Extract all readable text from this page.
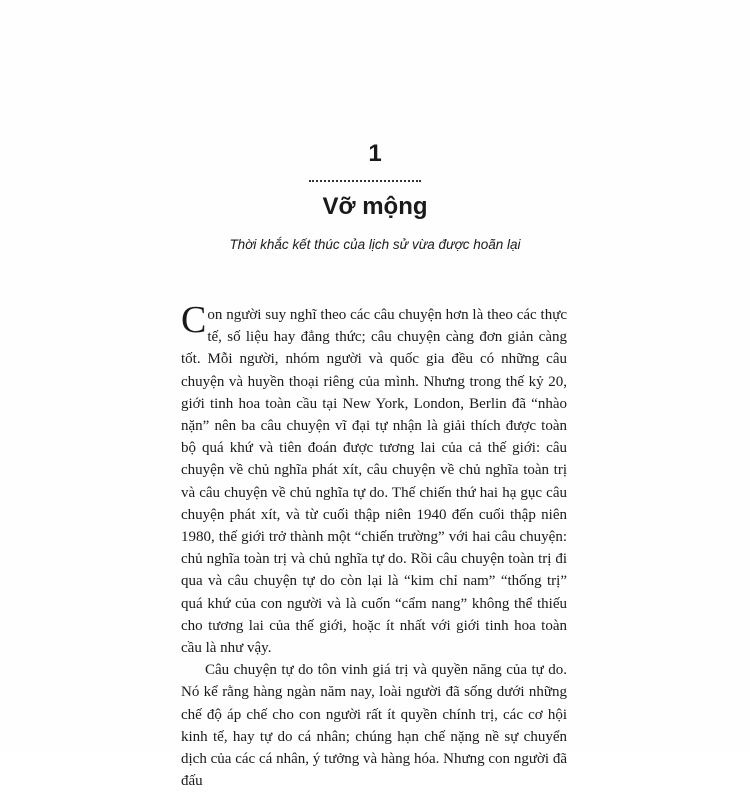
1
Vỡ mộng
Thời khắc kết thúc của lịch sử vừa được hoãn lại

Con người suy nghĩ theo các câu chuyện hơn là theo các thực tế, số liệu hay đẳng thức; câu chuyện càng đơn giản càng tốt. Mỗi người, nhóm người và quốc gia đều có những câu chuyện và huyền thoại riêng của mình. Nhưng trong thế kỷ 20, giới tinh hoa toàn cầu tại New York, London, Berlin đã “nhào nặn” nên ba câu chuyện vĩ đại tự nhận là giải thích được toàn bộ quá khứ và tiên đoán được tương lai của cả thế giới: câu chuyện về chủ nghĩa phát xít, câu chuyện về chủ nghĩa toàn trị và câu chuyện về chủ nghĩa tự do. Thế chiến thứ hai hạ gục câu chuyện phát xít, và từ cuối thập niên 1940 đến cuối thập niên 1980, thế giới trở thành một “chiến trường” với hai câu chuyện: chủ nghĩa toàn trị và chủ nghĩa tự do. Rồi câu chuyện toàn trị đi qua và câu chuyện tự do còn lại là “kim chỉ nam” “thống trị” quá khứ của con người và là cuốn “cẩm nang” không thể thiếu cho tương lai của thế giới, hoặc ít nhất với giới tinh hoa toàn cầu là như vậy.

Câu chuyện tự do tôn vinh giá trị và quyền năng của tự do. Nó kể rằng hàng ngàn năm nay, loài người đã sống dưới những chế độ áp chế cho con người rất ít quyền chính trị, các cơ hội kinh tế, hay tự do cá nhân; chúng hạn chế nặng nề sự chuyển dịch của các cá nhân, ý tưởng và hàng hóa. Nhưng con người đã đấu
